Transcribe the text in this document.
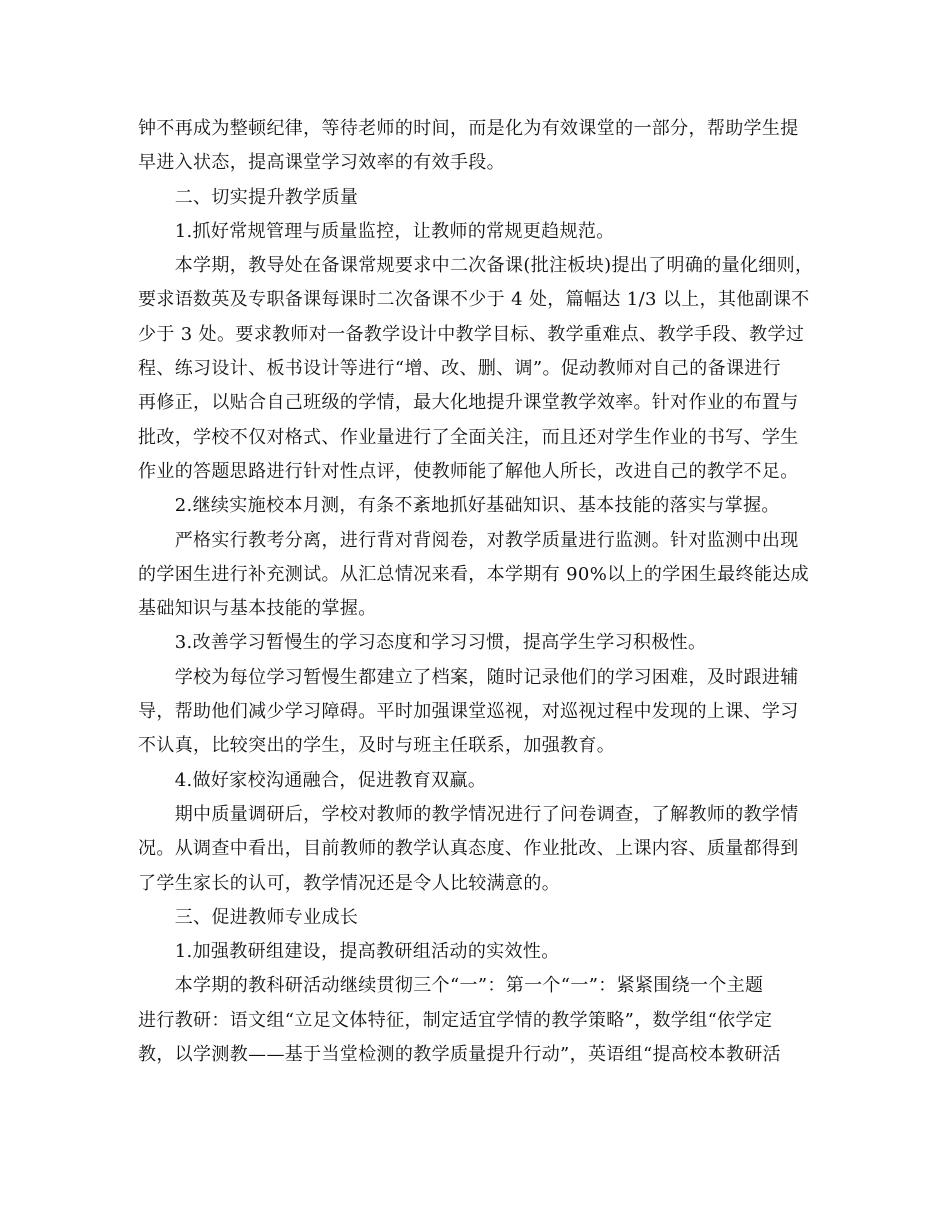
钟不再成为整顿纪律，等待老师的时间，而是化为有效课堂的一部分，帮助学生提
早进入状态，提高课堂学习效率的有效手段。
　　二、切实提升教学质量
　　1.抓好常规管理与质量监控，让教师的常规更趋规范。
　　本学期，教导处在备课常规要求中二次备课(批注板块)提出了明确的量化细则，
要求语数英及专职备课每课时二次备课不少于 4 处，篇幅达 1/3 以上，其他副课不
少于 3 处。要求教师对一备教学设计中教学目标、教学重难点、教学手段、教学过
程、练习设计、板书设计等进行“增、改、删、调”。促动教师对自己的备课进行
再修正，以贴合自己班级的学情，最大化地提升课堂教学效率。针对作业的布置与
批改，学校不仅对格式、作业量进行了全面关注，而且还对学生作业的书写、学生
作业的答题思路进行针对性点评，使教师能了解他人所长，改进自己的教学不足。
　　2.继续实施校本月测，有条不紊地抓好基础知识、基本技能的落实与掌握。
　　严格实行教考分离，进行背对背阅卷，对教学质量进行监测。针对监测中出现
的学困生进行补充测试。从汇总情况来看，本学期有 90%以上的学困生最终能达成
基础知识与基本技能的掌握。
　　3.改善学习暂慢生的学习态度和学习习惯，提高学生学习积极性。
　　学校为每位学习暂慢生都建立了档案，随时记录他们的学习困难，及时跟进辅
导，帮助他们减少学习障碍。平时加强课堂巡视，对巡视过程中发现的上课、学习
不认真，比较突出的学生，及时与班主任联系，加强教育。
　　4.做好家校沟通融合，促进教育双赢。
　　期中质量调研后，学校对教师的教学情况进行了问卷调查，了解教师的教学情
况。从调查中看出，目前教师的教学认真态度、作业批改、上课内容、质量都得到
了学生家长的认可，教学情况还是令人比较满意的。
　　三、促进教师专业成长
　　1.加强教研组建设，提高教研组活动的实效性。
　　本学期的教科研活动继续贯彻三个“一”：第一个“一”：紧紧围绕一个主题
进行教研：语文组“立足文体特征，制定适宜学情的教学策略”，数学组“依学定
教，以学测教——基于当堂检测的教学质量提升行动”，英语组“提高校本教研活
